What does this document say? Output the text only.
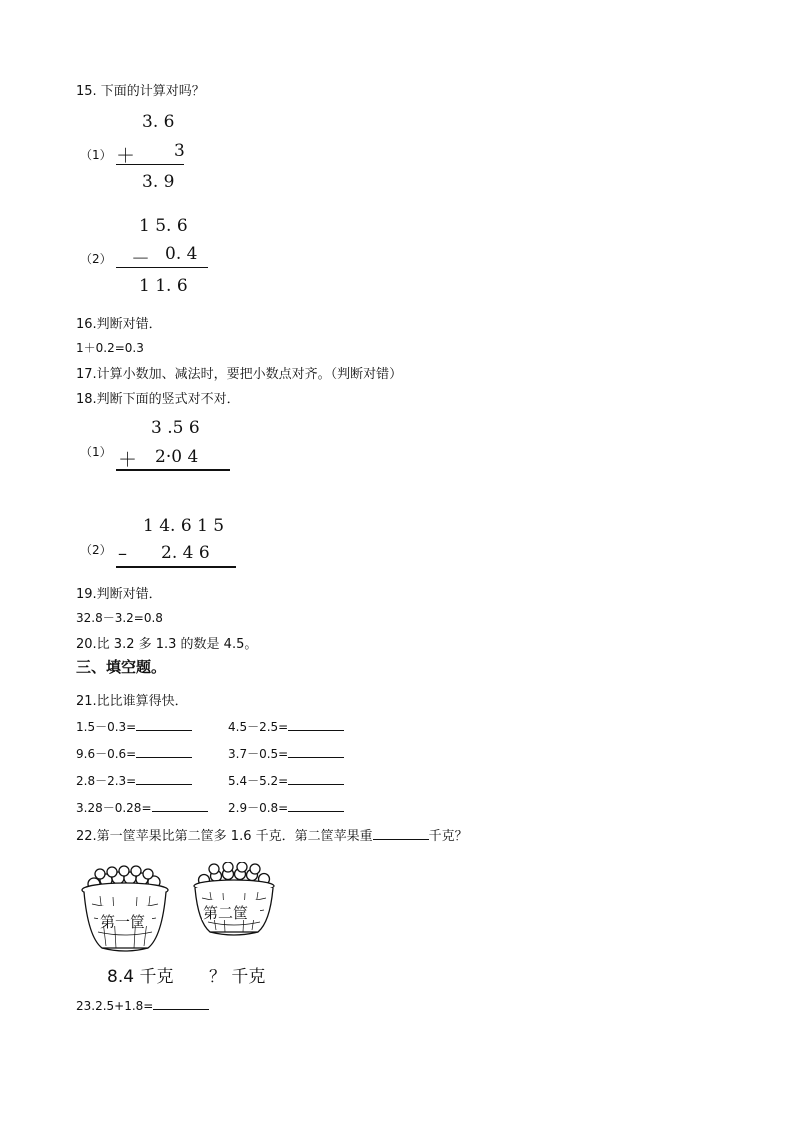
15. 下面的计算对吗？
3. 6
（1） ＋ 3
3. 9
1 5. 6
（2） － 0. 4
1 1. 6
16.判断对错．
1＋0.2=0.3
17.计算小数加、减法时，要把小数点对齐。（判断对错）
18.判断下面的竖式对不对．
3 .5 6
（1） ＋ 2·0 4
1 4. 6 1 5
（2） – 2. 4 6
19.判断对错．
32.8－3.2=0.8
20.比 3.2 多 1.3 的数是 4.5。
三、填空题。
21.比比谁算得快．
1.5－0.3=	4.5－2.5=
9.6－0.6=	3.7－0.5=
2.8－2.3=	5.4－5.2=
3.28－0.28=	2.9－0.8=
22.第一筐苹果比第二筐多 1.6 千克．第二筐苹果重	千克？
第一筐	第二筐
8.4 千克 ？ 千克
23.2.5+1.8=
